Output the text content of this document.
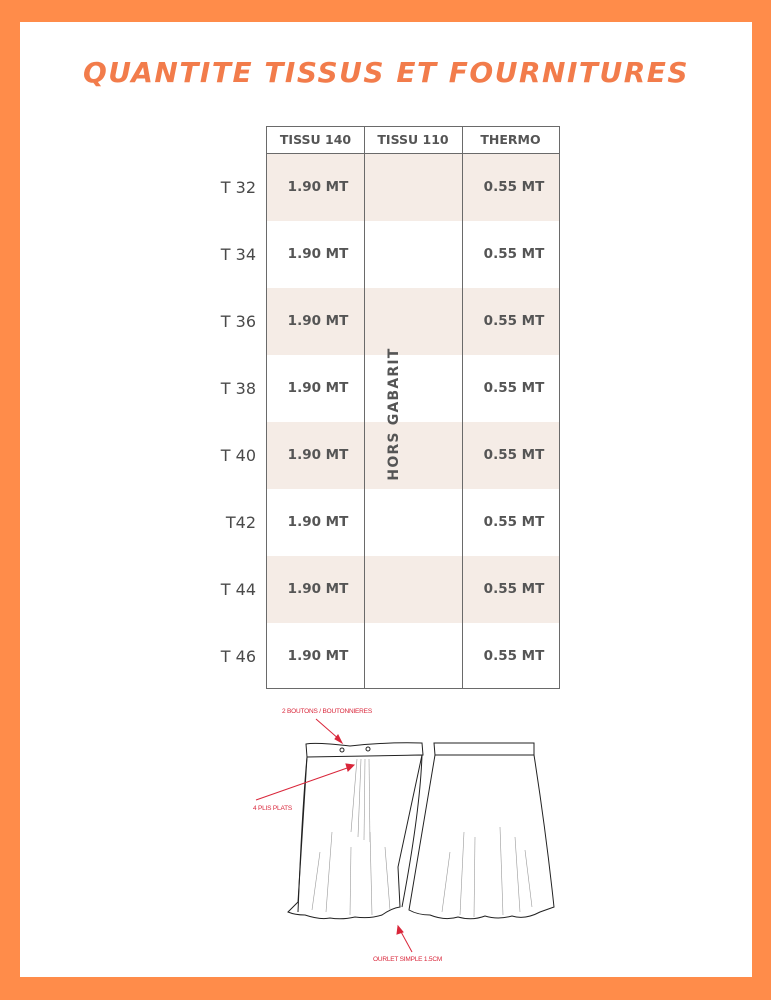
QUANTITE TISSUS ET FOURNITURES
T 32
T 34
T 36
T 38
T 40
T42
T 44
T 46
TISSU 140	TISSU 110	THERMO
1.90 MT
1.90 MT
1.90 MT
1.90 MT
1.90 MT
1.90 MT
1.90 MT
1.90 MT
0.55 MT
0.55 MT
0.55 MT
0.55 MT
0.55 MT
0.55 MT
0.55 MT
0.55 MT
HORS GABARIT
2 BOUTONS / BOUTONNIERES
4 PLIS PLATS
OURLET SIMPLE 1.5CM
